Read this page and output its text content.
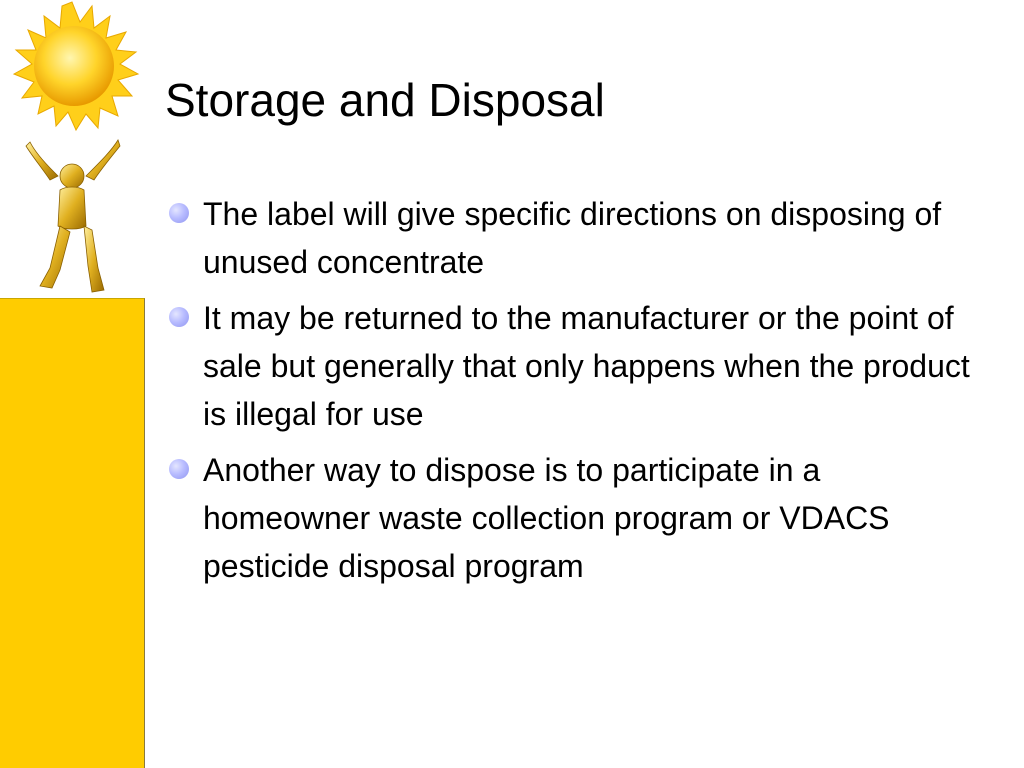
Storage and Disposal
The label will give specific directions on disposing of unused concentrate
It may be returned to the manufacturer or the point of sale but generally that only happens when the product is illegal for use
Another way to dispose is to participate in a homeowner waste collection program or VDACS pesticide disposal program
